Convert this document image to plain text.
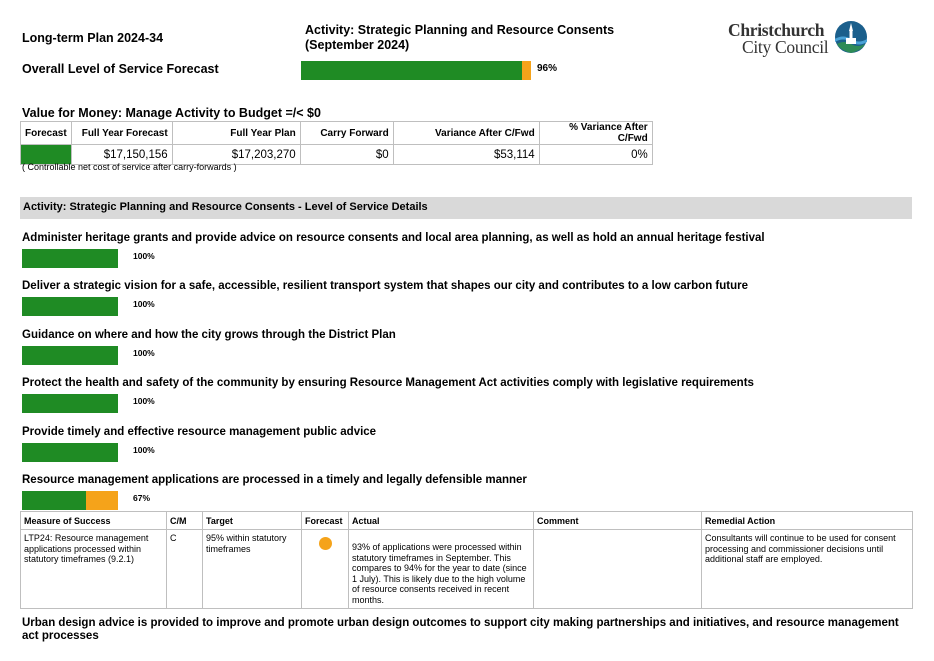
Long-term Plan 2024-34
Activity: Strategic Planning and Resource Consents
(September 2024)
Overall Level of Service Forecast	96%
Christchurch
City Council
Value for Money: Manage Activity to Budget =/< $0
Forecast	Full Year Forecast	Full Year Plan	Carry Forward	Variance After C/Fwd	% Variance After C/Fwd
	$17,150,156	$17,203,270	$0	$53,114	0%
( Controllable net cost of service after carry-forwards )
Activity: Strategic Planning and Resource Consents - Level of Service Details
Administer heritage grants and provide advice on resource consents and local area planning, as well as hold an annual heritage festival
100%
Deliver a strategic vision for a safe, accessible, resilient transport system that shapes our city and contributes to a low carbon future
100%
Guidance on where and how the city grows through the District Plan
100%
Protect the health and safety of the community by ensuring Resource Management Act activities comply with legislative requirements
100%
Provide timely and effective resource management public advice
100%
Resource management applications are processed in a timely and legally defensible manner
67%
Measure of Success	C/M	Target	Forecast	Actual	Comment	Remedial Action
LTP24: Resource management applications processed within statutory timeframes (9.2.1)	C	95% within statutory timeframes		93% of applications were processed within statutory timeframes in September. This compares to 94% for the year to date (since 1 July). This is likely due to the high volume of resource consents received in recent months.		Consultants will continue to be used for consent processing and commissioner decisions until additional staff are employed.
Urban design advice is provided to improve and promote urban design outcomes to support city making partnerships and initiatives, and resource management act processes
